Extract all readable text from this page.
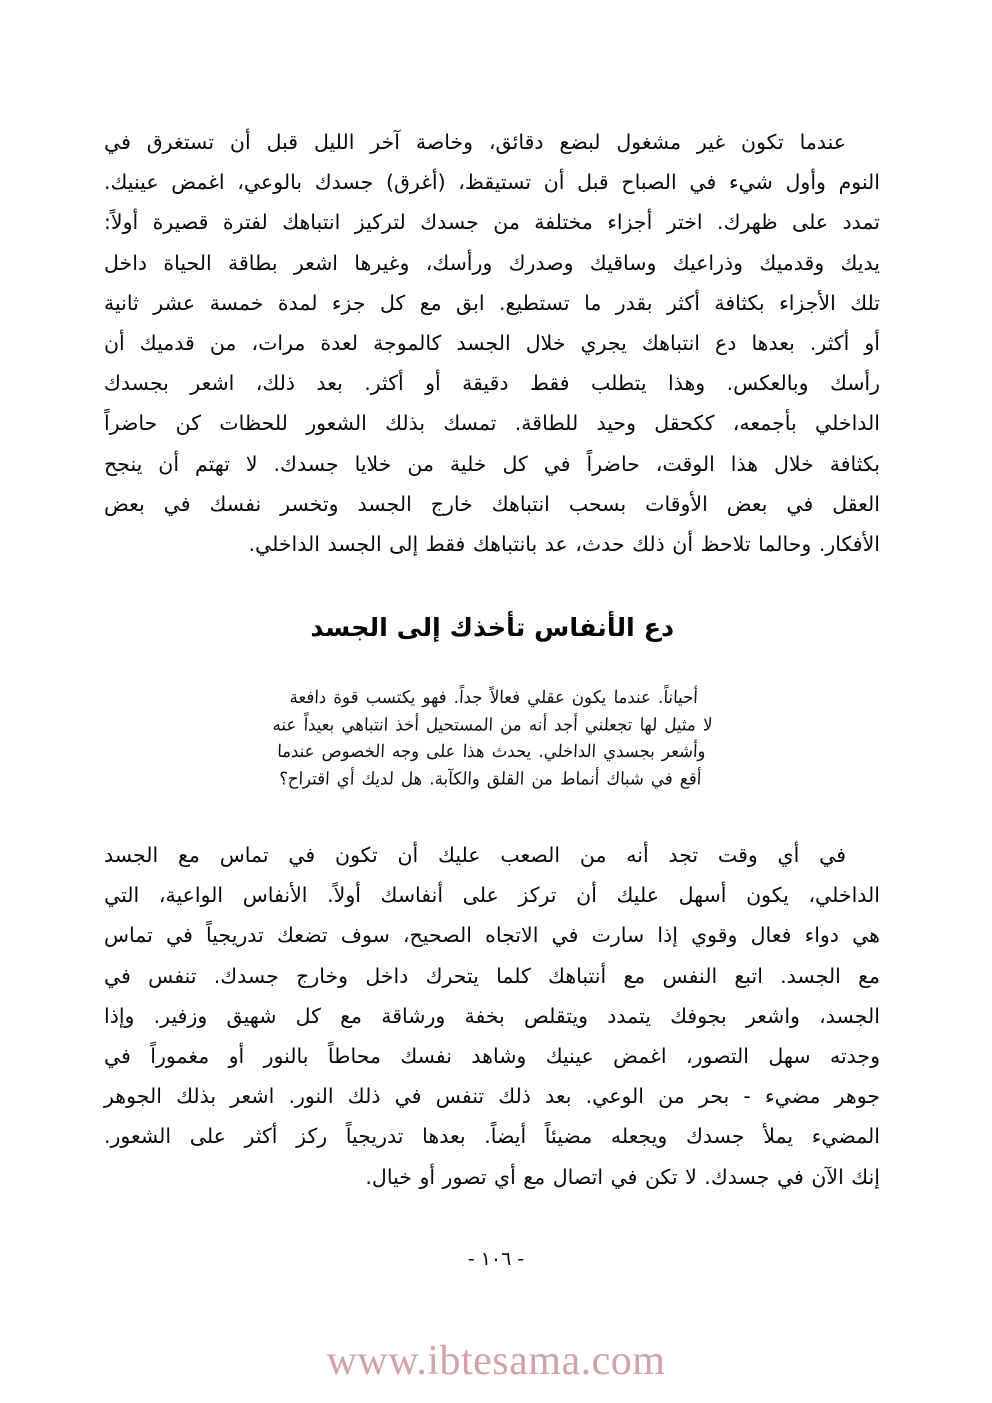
عندما تكون غير مشغول لبضع دقائق، وخاصة آخر الليل قبل أن تستغرق في

النوم وأول شيء في الصباح قبل أن تستيقظ، (أغرق) جسدك بالوعي، اغمض عينيك.

تمدد على ظهرك. اختر أجزاء مختلفة من جسدك لتركيز انتباهك لفترة قصيرة أولاً:

يديك وقدميك وذراعيك وساقيك وصدرك ورأسك، وغيرها اشعر بطاقة الحياة داخل

تلك الأجزاء بكثافة أكثر بقدر ما تستطيع. ابق مع كل جزء لمدة خمسة عشر ثانية

أو أكثر. بعدها دع انتباهك يجري خلال الجسد كالموجة لعدة مرات، من قدميك أن

رأسك وبالعكس. وهذا يتطلب فقط دقيقة أو أكثر. بعد ذلك، اشعر بجسدك

الداخلي بأجمعه، ككحقل وحيد للطاقة. تمسك بذلك الشعور للحظات كن حاضراً

بكثافة خلال هذا الوقت، حاضراً في كل خلية من خلايا جسدك. لا تهتم أن ينجح

العقل في بعض الأوقات بسحب انتباهك خارج الجسد وتخسر نفسك في بعض

الأفكار. وحالما تلاحظ أن ذلك حدث، عد بانتباهك فقط إلى الجسد الداخلي.

دع الأنفاس تأخذك إلى الجسد
أحياناً. عندما يكون عقلي فعالاً جداً. فهو يكتسب قوة دافعة
لا مثيل لها تجعلني أجد أنه من المستحيل أخذ انتباهي بعيداً عنه
وأشعر بجسدي الداخلي. يحدث هذا على وجه الخصوص عندما
أقع في شباك أنماط من القلق والكآبة. هل لديك أي اقتراح؟

في أي وقت تجد أنه من الصعب عليك أن تكون في تماس مع الجسد

الداخلي، يكون أسهل عليك أن تركز على أنفاسك أولاً. الأنفاس الواعية، التي

هي دواء فعال وقوي إذا سارت في الاتجاه الصحيح، سوف تضعك تدريجياً في تماس

مع الجسد. اتبع النفس مع أنتباهك كلما يتحرك داخل وخارج جسدك. تنفس في

الجسد، واشعر بجوفك يتمدد ويتقلص بخفة ورشاقة مع كل شهيق وزفير. وإذا

وجدته سهل التصور، اغمض عينيك وشاهد نفسك محاطاً بالنور أو مغموراً في

جوهر مضيء - بحر من الوعي. بعد ذلك تنفس في ذلك النور. اشعر بذلك الجوهر

المضيء يملأ جسدك ويجعله مضيئاً أيضاً. بعدها تدريجياً ركز أكثر على الشعور.

إنك الآن في جسدك. لا تكن في اتصال مع أي تصور أو خيال.

- ١٠٦ -
www.ibtesama.com
